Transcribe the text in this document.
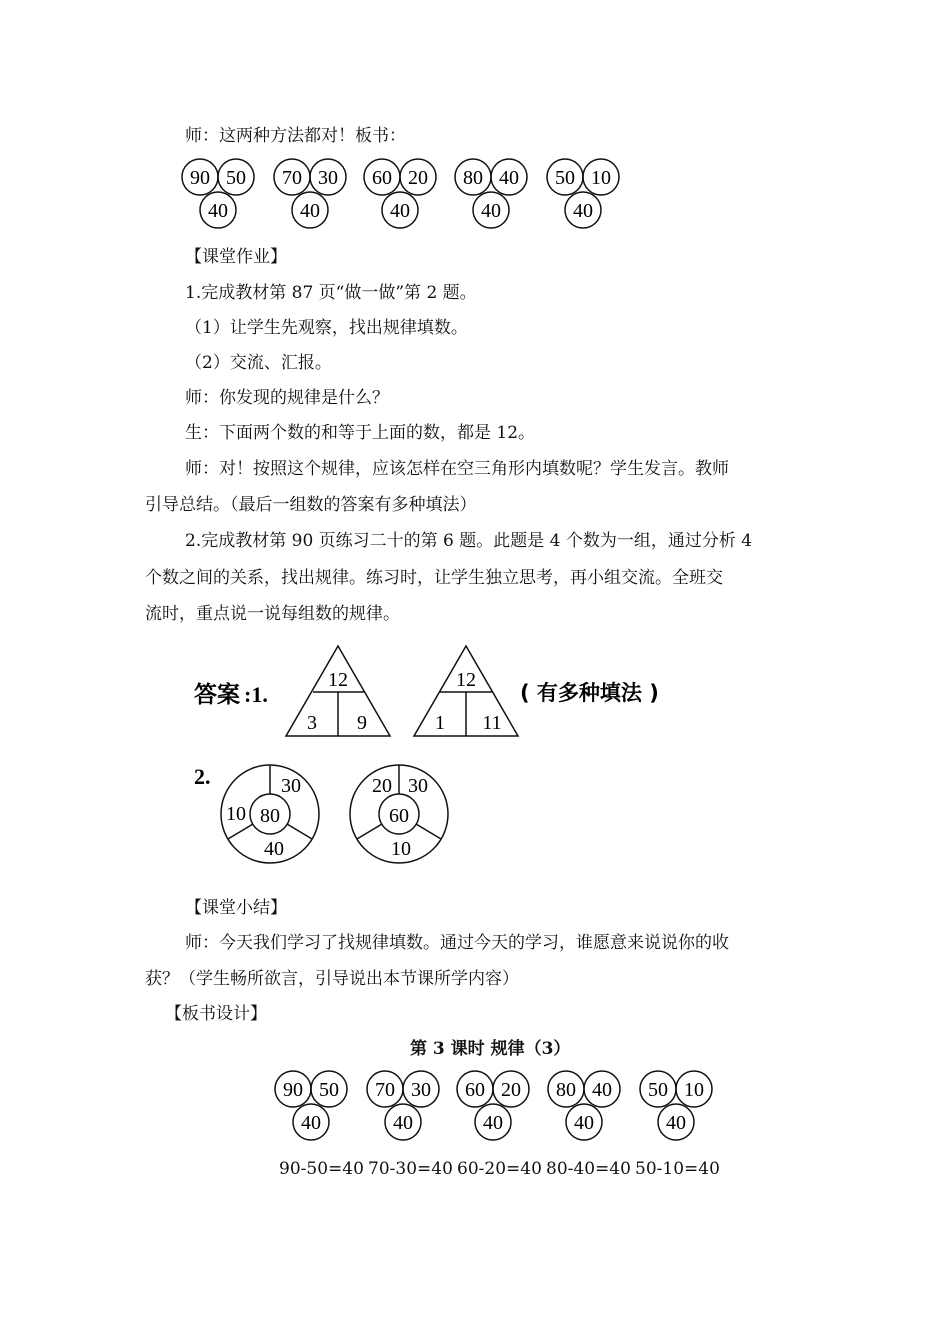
师：这两种方法都对！板书：
90 50
40
70 30
40
60 20
40
80 40
40
50 10
40
【课堂作业】
1.完成教材第 87 页“做一做”第 2 题。
（1）让学生先观察，找出规律填数。
（2）交流、汇报。
师：你发现的规律是什么？
生：下面两个数的和等于上面的数，都是 12。
师：对！按照这个规律，应该怎样在空三角形内填数呢？学生发言。教师
引导总结。（最后一组数的答案有多种填法）
2.完成教材第 90 页练习二十的第 6 题。此题是 4 个数为一组，通过分析 4
个数之间的关系，找出规律。练习时，让学生独立思考，再小组交流。全班交
流时，重点说一说每组数的规律。
答案 :1.
12
3 9
12
1 11
( 有多种填法 )
2.
80
10
30
40
60
20 30
10
【课堂小结】
师：今天我们学习了找规律填数。通过今天的学习，谁愿意来说说你的收
获？（学生畅所欲言，引导说出本节课所学内容）
【板书设计】
第 3 课时 规律（3）
90 50
40
70 30
40
60 20
40
80 40
40
50 10
40
90-50=40 70-30=40 60-20=40 80-40=40 50-10=40
